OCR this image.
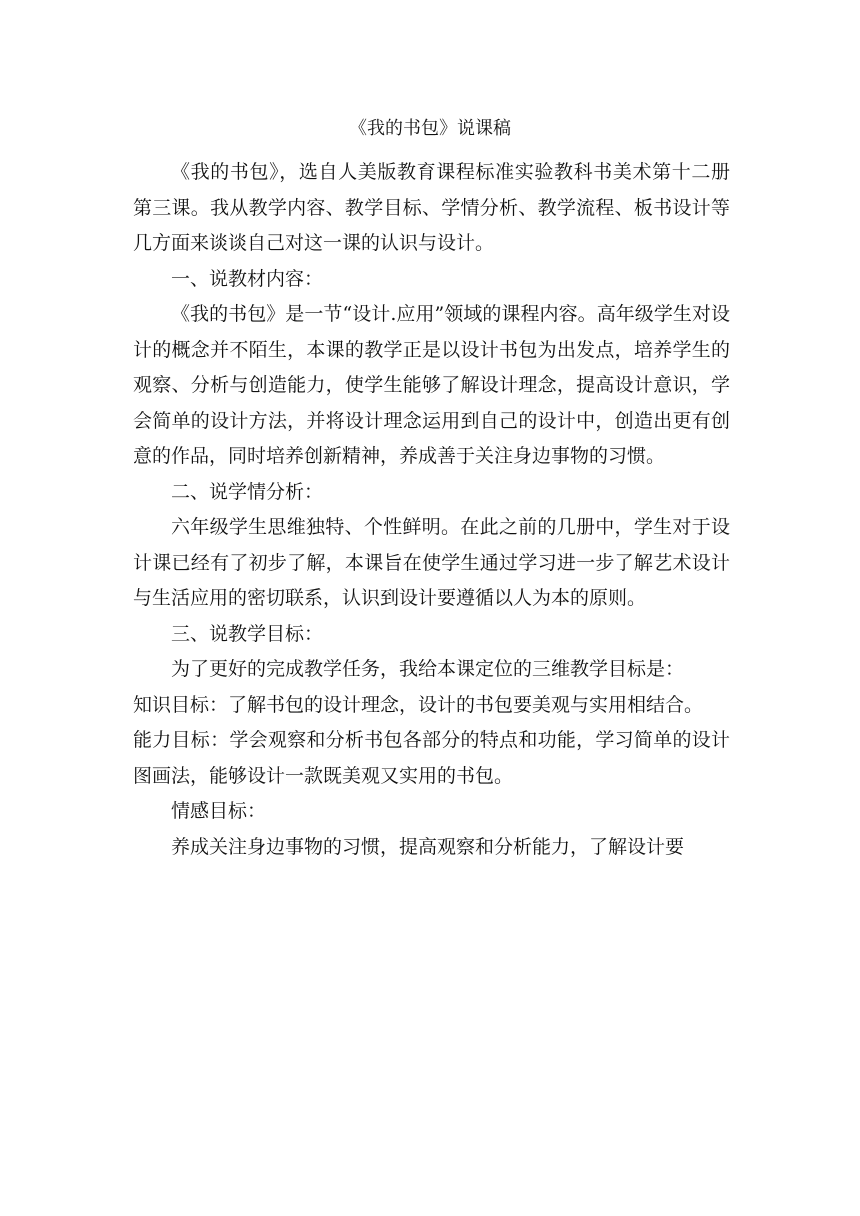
《我的书包》说课稿

《我的书包》，选自人美版教育课程标准实验教科书美术第十二册第三课。我从教学内容、教学目标、学情分析、教学流程、板书设计等几方面来谈谈自己对这一课的认识与设计。

一、说教材内容：

《我的书包》是一节“设计.应用”领域的课程内容。高年级学生对设计的概念并不陌生，本课的教学正是以设计书包为出发点，培养学生的观察、分析与创造能力，使学生能够了解设计理念，提高设计意识，学会简单的设计方法，并将设计理念运用到自己的设计中，创造出更有创意的作品，同时培养创新精神，养成善于关注身边事物的习惯。

二、说学情分析：

六年级学生思维独特、个性鲜明。在此之前的几册中，学生对于设计课已经有了初步了解，本课旨在使学生通过学习进一步了解艺术设计与生活应用的密切联系，认识到设计要遵循以人为本的原则。

三、说教学目标：

为了更好的完成教学任务，我给本课定位的三维教学目标是：

知识目标：了解书包的设计理念，设计的书包要美观与实用相结合。

能力目标：学会观察和分析书包各部分的特点和功能，学习简单的设计图画法，能够设计一款既美观又实用的书包。

情感目标：

养成关注身边事物的习惯，提高观察和分析能力，了解设计要
